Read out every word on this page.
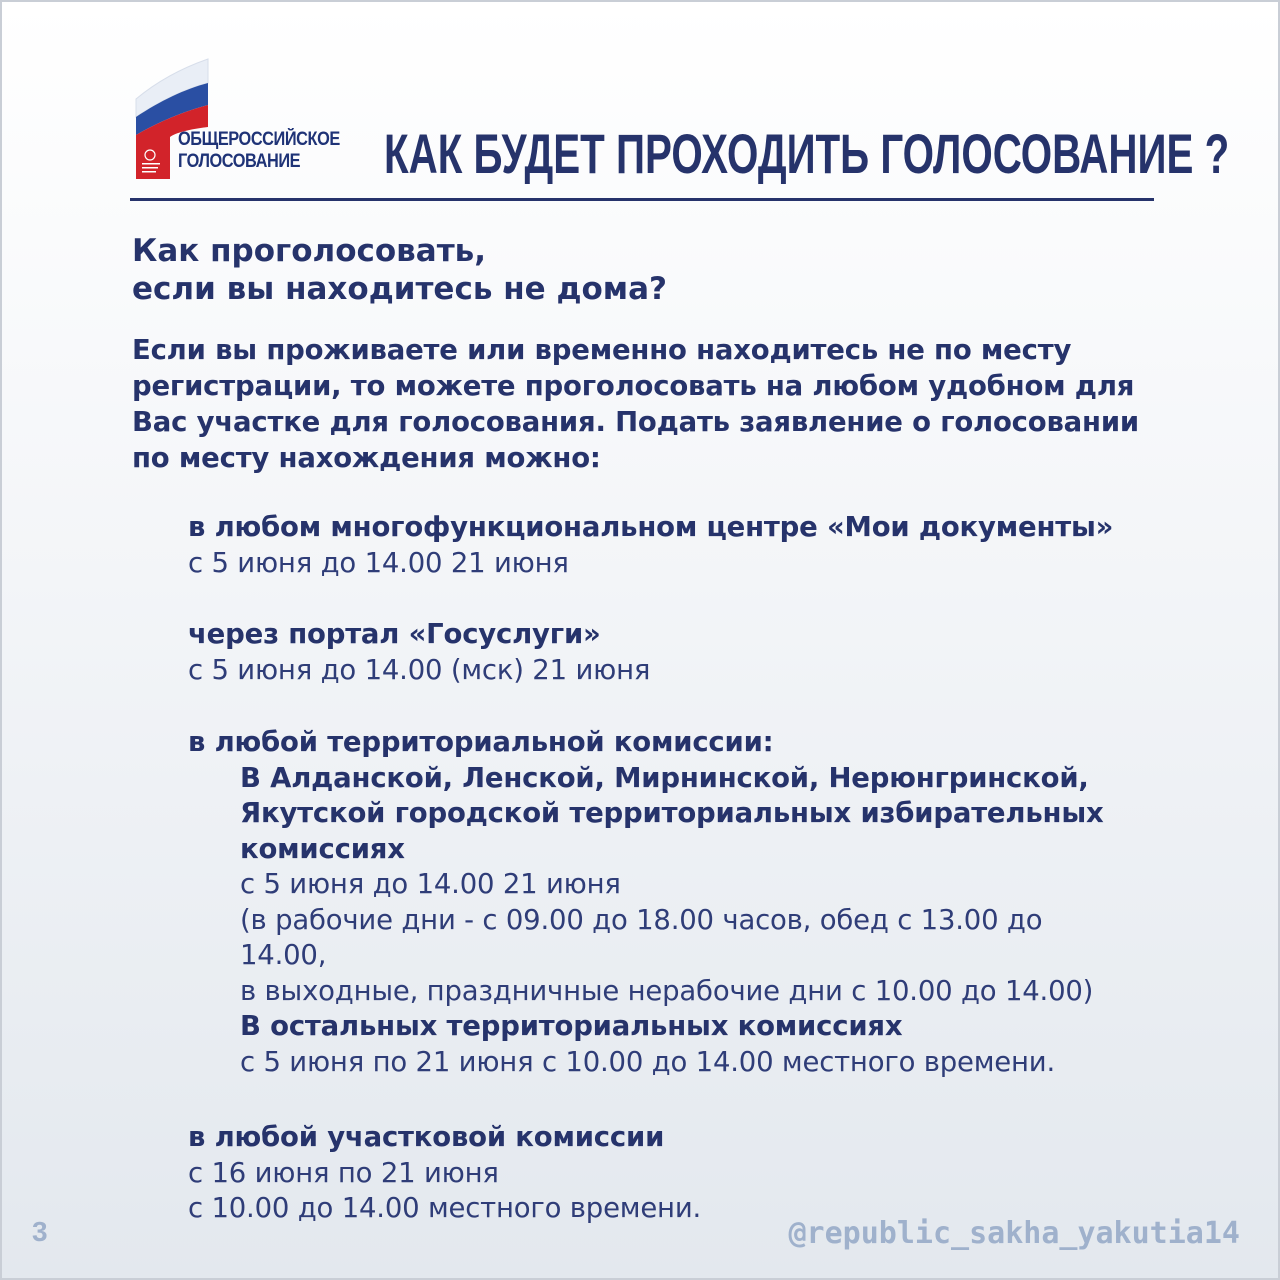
ОБЩЕРОССИЙСКОЕ
ГОЛОСОВАНИЕ	КАК БУДЕТ ПРОХОДИТЬ ГОЛОСОВАНИЕ ?
Как проголосовать,
если вы находитесь не дома?
Если вы проживаете или временно находитесь не по месту
регистрации, то можете проголосовать на любом удобном для
Вас участке для голосования. Подать заявление о голосовании
по месту нахождения можно:
в любом многофункциональном центре «Мои документы»
с 5 июня до 14.00 21 июня
через портал «Госуслуги»
с 5 июня до 14.00 (мск) 21 июня
в любой территориальной комиссии:
В Алданской, Ленской, Мирнинской, Нерюнгринской,
Якутской городской территориальных избирательных
комиссиях
с 5 июня до 14.00 21 июня
(в рабочие дни - с 09.00 до 18.00 часов, обед с 13.00 до
14.00,
в выходные, праздничные нерабочие дни с 10.00 до 14.00)
В остальных территориальных комиссиях
с 5 июня по 21 июня с 10.00 до 14.00 местного времени.
в любой участковой комиссии
с 16 июня по 21 июня
с 10.00 до 14.00 местного времени.
3	@republic_sakha_yakutia14
